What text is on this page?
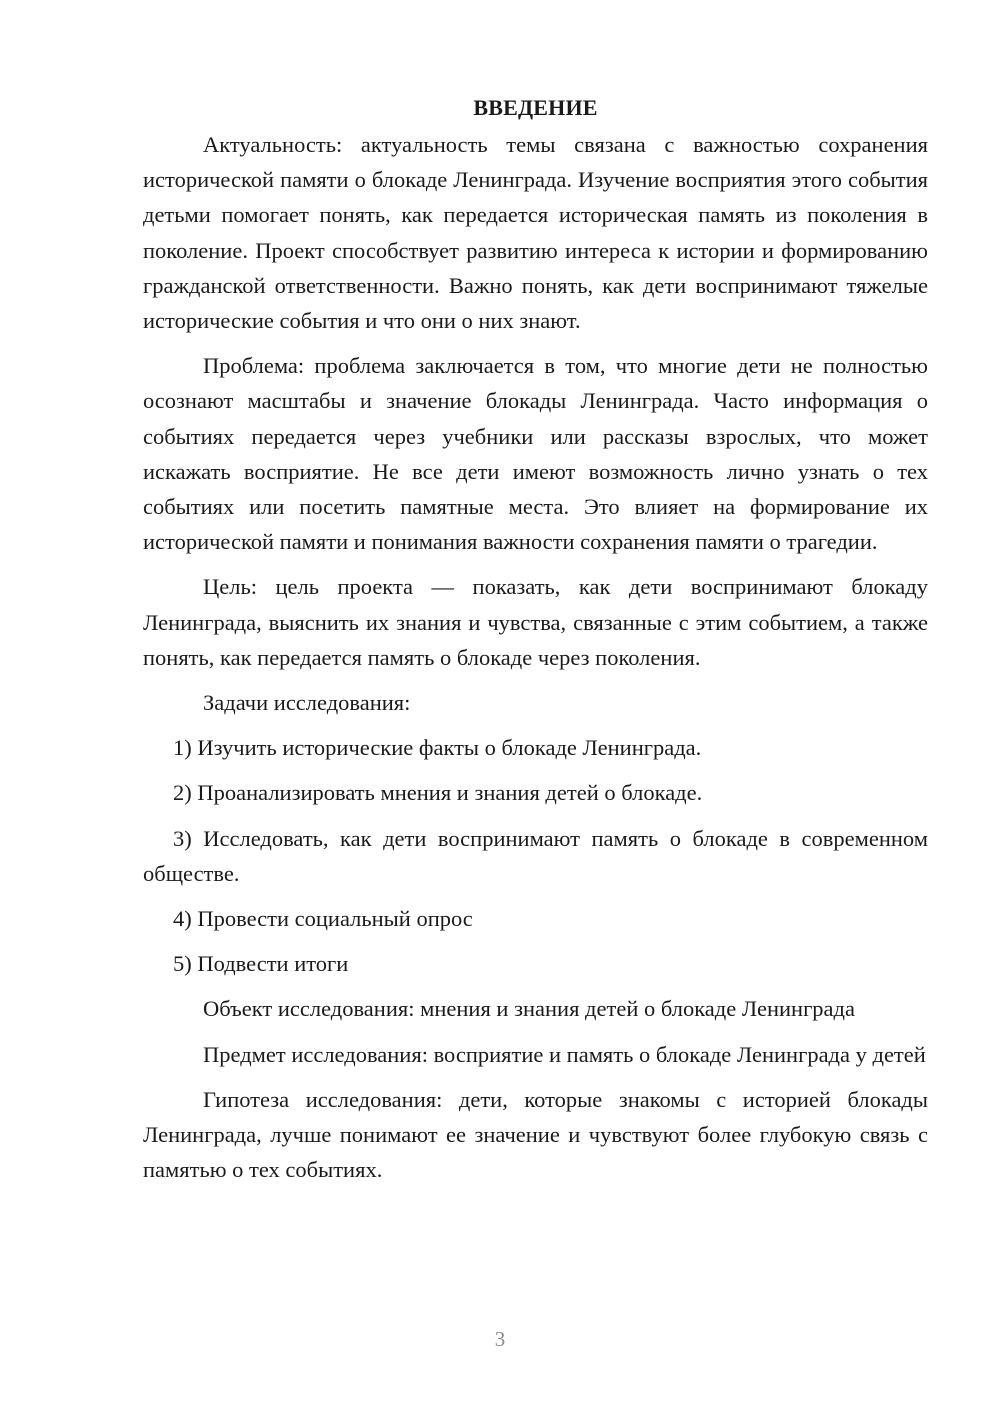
ВВЕДЕНИЕ

Актуальность: актуальность темы связана с важностью сохранения исторической памяти о блокаде Ленинграда. Изучение восприятия этого события детьми помогает понять, как передается историческая память из поколения в поколение. Проект способствует развитию интереса к истории и формированию гражданской ответственности. Важно понять, как дети воспринимают тяжелые исторические события и что они о них знают.

Проблема: проблема заключается в том, что многие дети не полностью осознают масштабы и значение блокады Ленинграда. Часто информация о событиях передается через учебники или рассказы взрослых, что может искажать восприятие. Не все дети имеют возможность лично узнать о тех событиях или посетить памятные места. Это влияет на формирование их исторической памяти и понимания важности сохранения памяти о трагедии.

Цель: цель проекта — показать, как дети воспринимают блокаду Ленинграда, выяснить их знания и чувства, связанные с этим событием, а также понять, как передается память о блокаде через поколения.

Задачи исследования:

1) Изучить исторические факты о блокаде Ленинграда.

2) Проанализировать мнения и знания детей о блокаде.

3) Исследовать, как дети воспринимают память о блокаде в современном обществе.

4) Провести социальный опрос

5) Подвести итоги

Объект исследования: мнения и знания детей о блокаде Ленинграда

Предмет исследования: восприятие и память о блокаде Ленинграда у детей

Гипотеза исследования: дети, которые знакомы с историей блокады Ленинграда, лучше понимают ее значение и чувствуют более глубокую связь с памятью о тех событиях.

3
